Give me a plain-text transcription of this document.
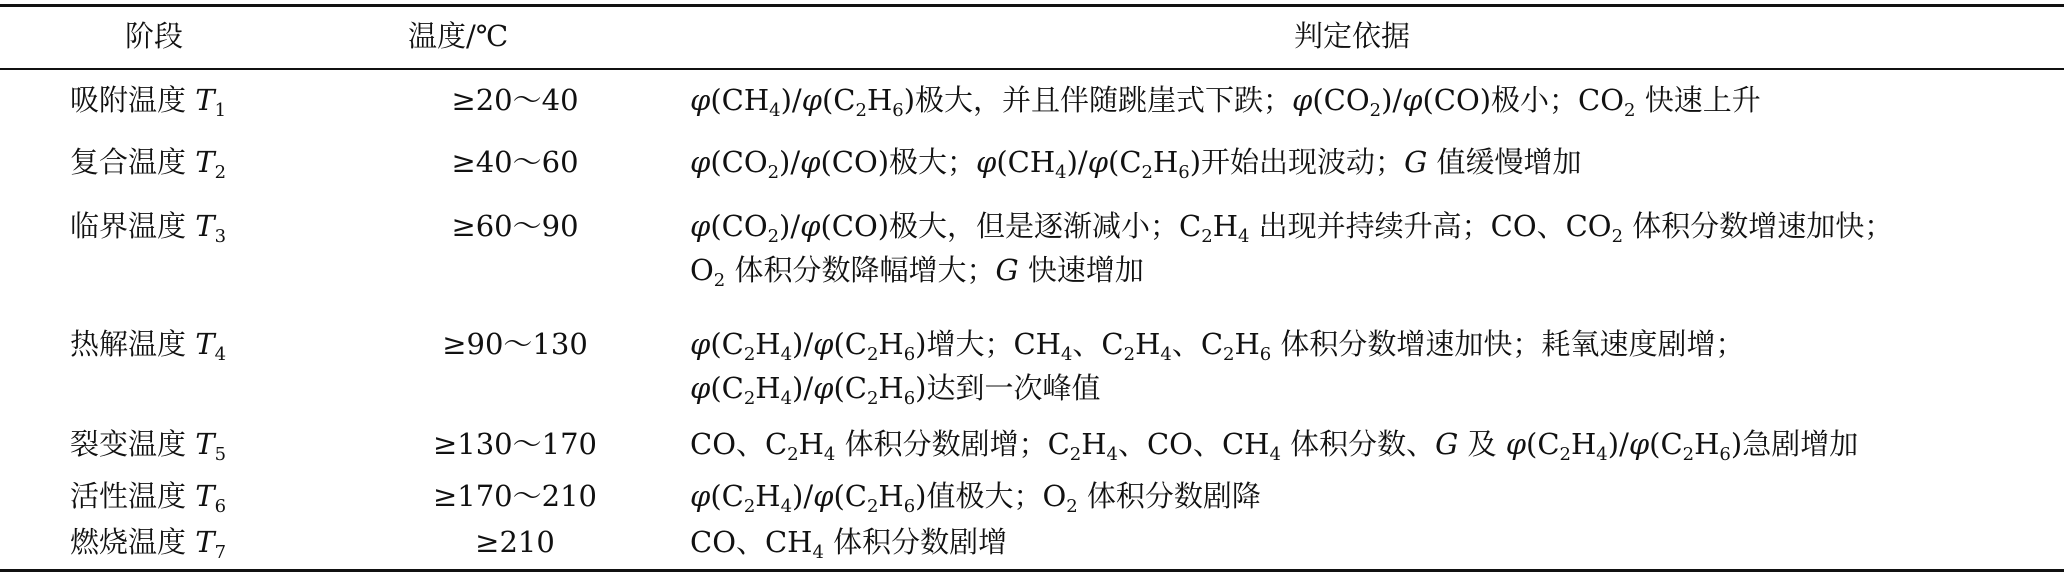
阶段	温度/℃	判定依据
吸附温度 $T_1$	≥20～40	$\varphi(CH_4)/\varphi(C_2H_6)$极大，并且伴随跳崖式下跌；$\varphi(CO_2)/\varphi(CO)$极小；$CO_2$ 快速上升
复合温度 $T_2$	≥40～60	$\varphi(CO_2)/\varphi(CO)$极大；$\varphi(CH_4)/\varphi(C_2H_6)$开始出现波动；G 值缓慢增加
临界温度 $T_3$	≥60～90	$\varphi(CO_2)/\varphi(CO)$极大，但是逐渐减小；$C_2H_4$ 出现并持续升高；CO、$CO_2$ 体积分数增速加快；
$O_2$ 体积分数降幅增大；G 快速增加
热解温度 $T_4$	≥90～130	$\varphi(C_2H_4)/\varphi(C_2H_6)$增大；$CH_4$、$C_2H_4$、$C_2H_6$ 体积分数增速加快；耗氧速度剧增；
$\varphi(C_2H_4)/\varphi(C_2H_6)$达到一次峰值
裂变温度 $T_5$	≥130～170	CO、$C_2H_4$ 体积分数剧增；$C_2H_4$、CO、$CH_4$ 体积分数、G 及 $\varphi(C_2H_4)/\varphi(C_2H_6)$急剧增加
活性温度 $T_6$	≥170～210	$\varphi(C_2H_4)/\varphi(C_2H_6)$值极大；$O_2$ 体积分数剧降
燃烧温度 $T_7$	≥210	CO、$CH_4$ 体积分数剧增
